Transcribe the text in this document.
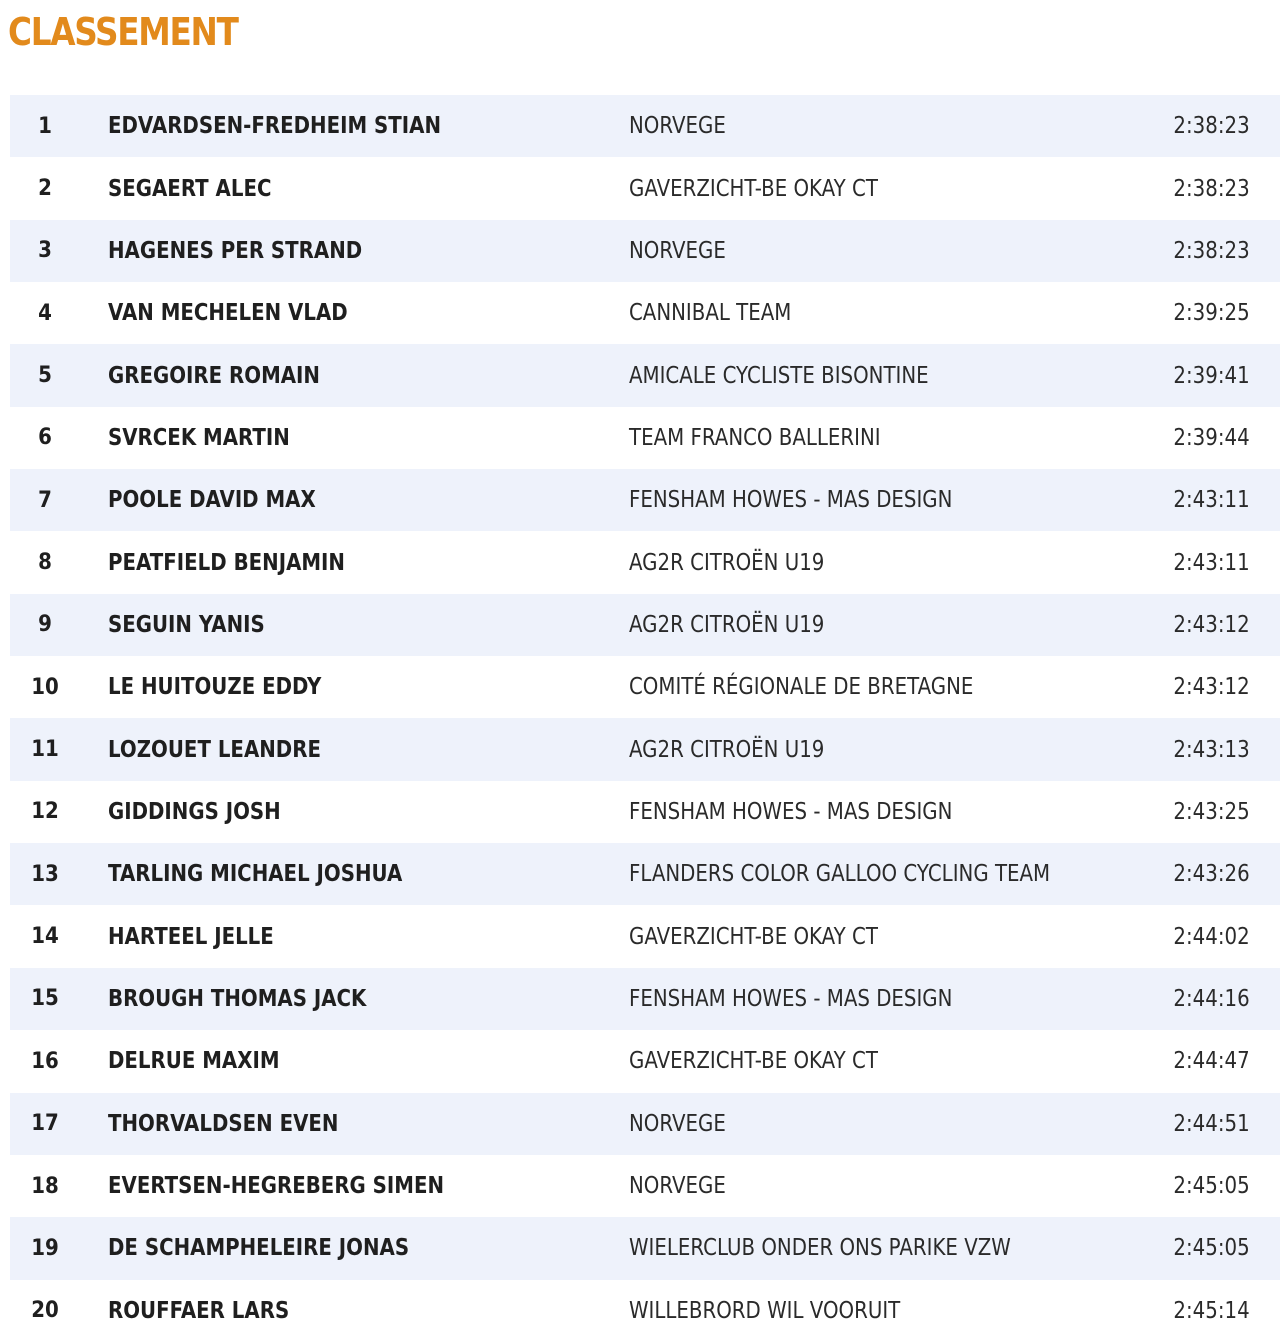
CLASSEMENT
1	EDVARDSEN-FREDHEIM STIAN	NORVEGE	2:38:23
2	SEGAERT ALEC	GAVERZICHT-BE OKAY CT	2:38:23
3	HAGENES PER STRAND	NORVEGE	2:38:23
4	VAN MECHELEN VLAD	CANNIBAL TEAM	2:39:25
5	GREGOIRE ROMAIN	AMICALE CYCLISTE BISONTINE	2:39:41
6	SVRCEK MARTIN	TEAM FRANCO BALLERINI	2:39:44
7	POOLE DAVID MAX	FENSHAM HOWES - MAS DESIGN	2:43:11
8	PEATFIELD BENJAMIN	AG2R CITROËN U19	2:43:11
9	SEGUIN YANIS	AG2R CITROËN U19	2:43:12
10	LE HUITOUZE EDDY	COMITÉ RÉGIONALE DE BRETAGNE	2:43:12
11	LOZOUET LEANDRE	AG2R CITROËN U19	2:43:13
12	GIDDINGS JOSH	FENSHAM HOWES - MAS DESIGN	2:43:25
13	TARLING MICHAEL JOSHUA	FLANDERS COLOR GALLOO CYCLING TEAM	2:43:26
14	HARTEEL JELLE	GAVERZICHT-BE OKAY CT	2:44:02
15	BROUGH THOMAS JACK	FENSHAM HOWES - MAS DESIGN	2:44:16
16	DELRUE MAXIM	GAVERZICHT-BE OKAY CT	2:44:47
17	THORVALDSEN EVEN	NORVEGE	2:44:51
18	EVERTSEN-HEGREBERG SIMEN	NORVEGE	2:45:05
19	DE SCHAMPHELEIRE JONAS	WIELERCLUB ONDER ONS PARIKE VZW	2:45:05
20	ROUFFAER LARS	WILLEBRORD WIL VOORUIT	2:45:14
